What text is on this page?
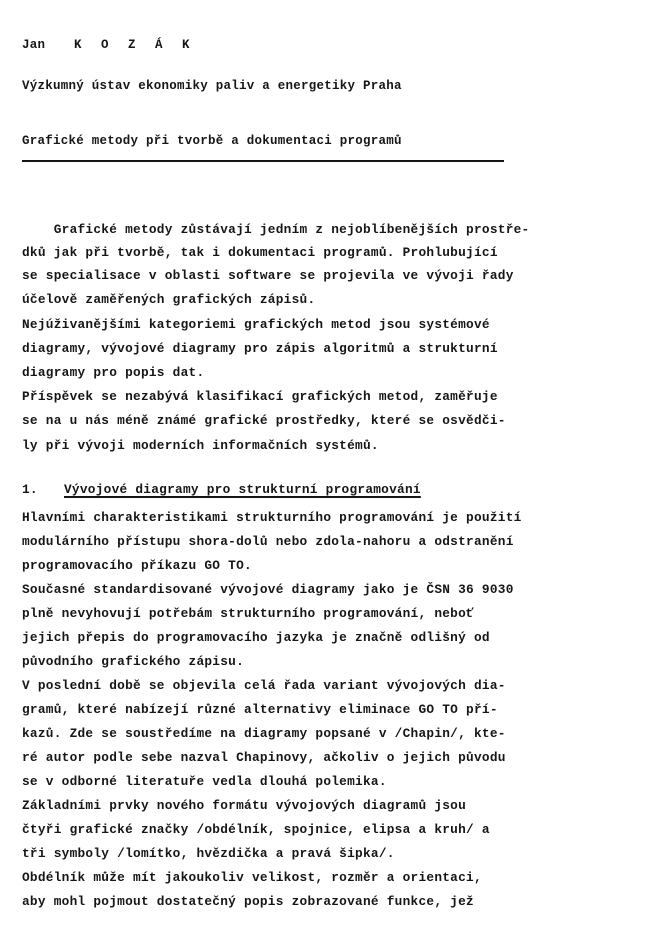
Jan K O Z Á K
Výzkumný ústav ekonomiky paliv a energetiky Praha
Grafické metody při tvorbě a dokumentaci programů
Grafické metody zůstávají jedním z nejoblíbenějších prostře-
dků jak při tvorbě, tak i dokumentaci programů. Prohlubující
se specialisace v oblasti software se projevila ve vývoji řady
účelově zaměřených grafických zápisů.
Nejúživanějšími kategoriemi grafických metod jsou systémové
diagramy, vývojové diagramy pro zápis algoritmů a strukturní
diagramy pro popis dat.
Příspěvek se nezabývá klasifikací grafických metod, zaměřuje
se na u nás méně známé grafické prostředky, které se osvědči-
ly při vývoji moderních informačních systémů.
1. Vývojové diagramy pro strukturní programování
Hlavními charakteristikami strukturního programování je použití
modulárního přístupu shora-dolů nebo zdola-nahoru a odstranění
programovacího příkazu GO TO.
Současné standardisované vývojové diagramy jako je ČSN 36 9030
plně nevyhovují potřebám strukturního programování, neboť
jejich přepis do programovacího jazyka je značně odlišný od
původního grafického zápisu.
V poslední době se objevila celá řada variant vývojových dia-
gramů, které nabízejí různé alternativy eliminace GO TO pří-
kazů. Zde se soustředíme na diagramy popsané v /Chapin/, kte-
ré autor podle sebe nazval Chapinovy, ačkoliv o jejich původu
se v odborné literatuře vedla dlouhá polemika.
Základními prvky nového formátu vývojových diagramů jsou
čtyři grafické značky /obdélník, spojnice, elipsa a kruh/ a
tři symboly /lomítko, hvězdička a pravá šipka/.
Obdélník může mít jakoukoliv velikost, rozměr a orientaci,
aby mohl pojmout dostatečný popis zobrazované funkce, jež
